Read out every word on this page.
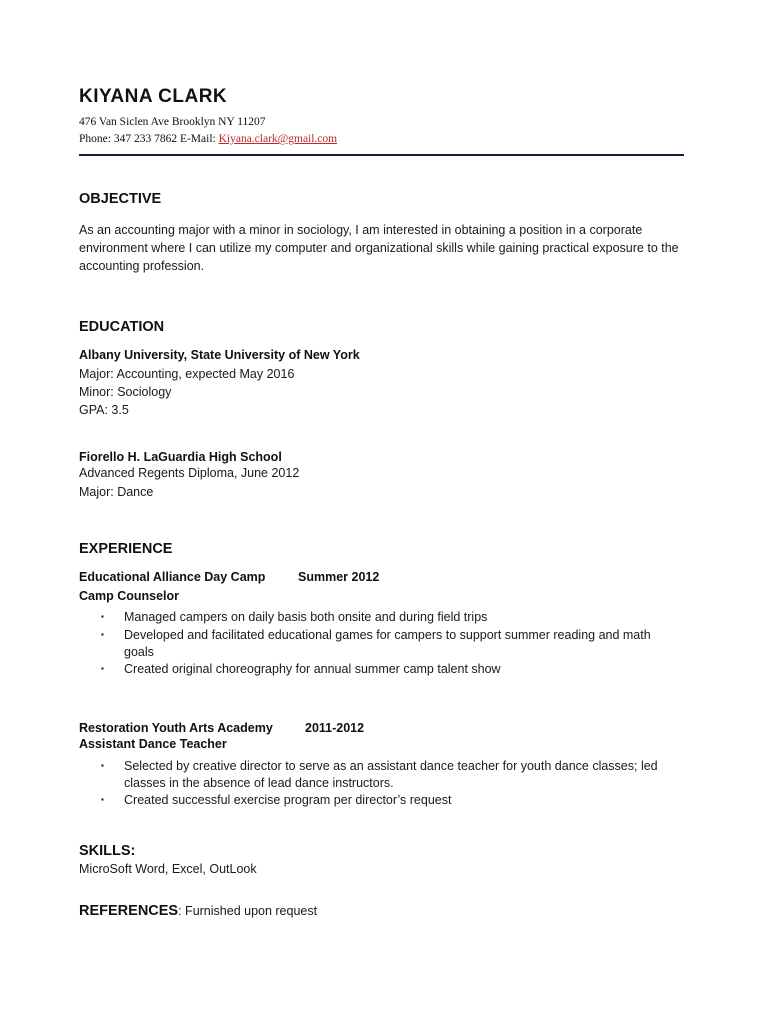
KIYANA CLARK
476 Van Siclen Ave Brooklyn NY 11207
Phone: 347 233 7862 E-Mail: Kiyana.clark@gmail.com
OBJECTIVE
As an accounting major with a minor in sociology, I am interested in obtaining a position in a corporate environment where I can utilize my computer and organizational skills while gaining practical exposure to the accounting profession.
EDUCATION
Albany University, State University of New York
Major: Accounting, expected May 2016
Minor: Sociology
GPA: 3.5
Fiorello H. LaGuardia High School
Advanced Regents Diploma, June 2012
Major: Dance
EXPERIENCE
Educational Alliance Day Camp	Summer 2012
Camp Counselor
▪ Managed campers on daily basis both onsite and during field trips
▪ Developed and facilitated educational games for campers to support summer reading and math goals
▪ Created original choreography for annual summer camp talent show
Restoration Youth Arts Academy	2011-2012
Assistant Dance Teacher
▪ Selected by creative director to serve as an assistant dance teacher for youth dance classes; led classes in the absence of lead dance instructors.
▪ Created successful exercise program per director’s request
SKILLS:
MicroSoft Word, Excel, OutLook
REFERENCES: Furnished upon request
